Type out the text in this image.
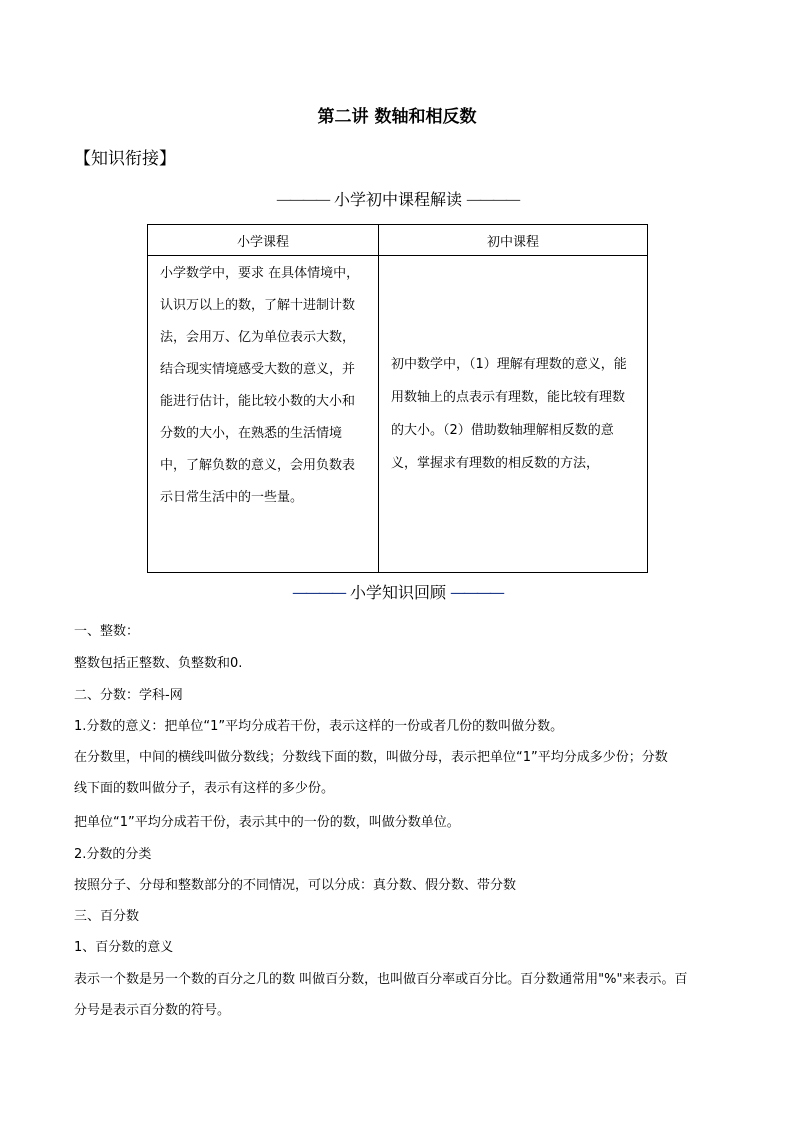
第二讲 数轴和相反数
【知识衔接】
———— 小学初中课程解读 ————
小学课程	初中课程
小学数学中，要求 在具体情境中，认识万以上的数，了解十进制计数法，会用万、亿为单位表示大数，结合现实情境感受大数的意义，并能进行估计，能比较小数的大小和分数的大小，在熟悉的生活情境中，了解负数的意义，会用负数表示日常生活中的一些量。	初中数学中，（1）理解有理数的意义，能用数轴上的点表示有理数，能比较有理数的大小。（2）借助数轴理解相反数的意义，掌握求有理数的相反数的方法，
———— 小学知识回顾 ————
一、整数：
整数包括正整数、负整数和0.
二、分数：学科-网
1.分数的意义：把单位“1”平均分成若干份，表示这样的一份或者几份的数叫做分数。
在分数里，中间的横线叫做分数线；分数线下面的数，叫做分母，表示把单位“1”平均分成多少份；分数
线下面的数叫做分子，表示有这样的多少份。
把单位“1”平均分成若干份，表示其中的一份的数，叫做分数单位。
2.分数的分类
按照分子、分母和整数部分的不同情况，可以分成：真分数、假分数、带分数
三、百分数
1、百分数的意义
表示一个数是另一个数的百分之几的数 叫做百分数，也叫做百分率或百分比。百分数通常用"%"来表示。百
分号是表示百分数的符号。
